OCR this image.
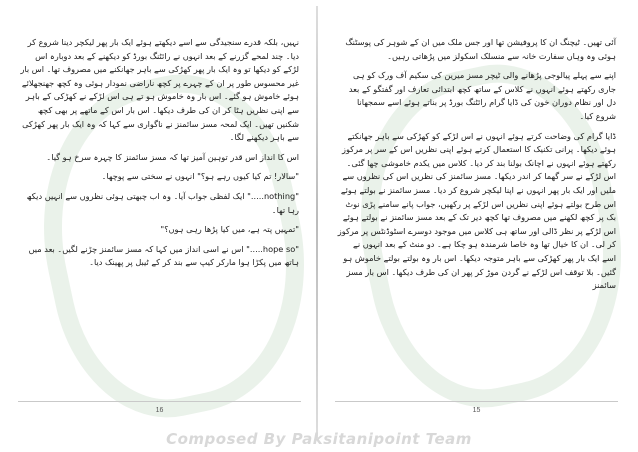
نہیں، بلکہ قدرے سنجیدگی سے اسے دیکھتے ہوئے ایک بار پھر لیکچر دینا شروع کر دیا۔ چند لمحے گزرنے کے بعد انہوں نے رائٹنگ بورڈ کو دیکھنے کے بعد دوبارہ اس لڑکے کو دیکھا تو وہ ایک بار پھر کھڑکی سے باہر جھانکنے میں مصروف تھا۔ اس بار غیر محسوس طور پر ان کے چہرے پر کچھ ناراضی نمودار ہوئی وہ کچھ جھنجھلائے ہوئے خاموش ہو گئے۔ اس بار وہ خاموش ہو تے ہی اس لڑکے نے کھڑکی کے باہر سے اپنی نظریں ہٹا کر ان کی طرف دیکھا۔ اس بار اس کے ماتھے پر بھی کچھ شکنیں تھیں۔ ایک لمحہ مسز سائمنز نے ناگواری سے کہا کہ وہ ایک بار پھر کھڑکی سے باہر دیکھنے لگا۔

اس کا انداز اس قدر توہین آمیز تھا کہ مسز سائمنز کا چہرہ سرخ ہو گیا۔

"سالار! تم کیا کیوں رہے ہو؟" انہوں نے سختی سے پوچھا۔

"nothing....." ایک لفظی جواب آیا۔ وہ اب چبھتی ہوئی نظروں سے انہیں دیکھ رہا تھا۔

"تمہیں پتہ ہے، میں کیا پڑھا رہی ہوں؟"

"hope so....." اس نے اسی انداز میں کہا کہ مسز سائمنز چڑنے لگیں۔ بعد میں ہاتھ میں پکڑا ہوا مارکر کیپ سے بند کر کے ٹیبل پر پھینک دیا۔

16

آئی تھیں۔ ٹیچنگ ان کا پروفیشن تھا اور جس ملک میں ان کے شوہر کی پوسٹنگ ہوئی وہ وہاں سفارت خانہ سے منسلک اسکولز میں پڑھاتی رہیں۔

اپنے سے پہلے پیالوجی پڑھانے والی ٹیچر مسز میرین کی سکیم آف ورک کو ہی جاری رکھتے ہوئے انہوں نے کلاس کے ساتھ کچھ ابتدائی تعارف اور گفتگو کے بعد دل اور نظام دوران خون کی ڈایا گرام رائٹنگ بورڈ پر بناتے ہوئے اسے سمجھانا شروع کیا۔

ڈایا گرام کی وضاحت کرتے ہوئے انہوں نے اس لڑکے کو کھڑکی سے باہر جھانکتے ہوئے دیکھا۔ پرانی تکنیک کا استعمال کرتے ہوئے اپنی نظریں اس کے سر پر مرکوز رکھتے ہوئے انہوں نے اچانک بولنا بند کر دیا۔ کلاس میں یکدم خاموشی چھا گئی۔ اس لڑکے نے سر گھما کر اندر دیکھا۔ مسز سائمنز کی نظریں اس کی نظروں سے ملیں اور ایک بار پھر انہوں نے اپنا لیکچر شروع کر دیا۔ مسز سائمنز نے بولتے ہوئے اس طرح بولتے ہوئے اپنی نظریں اس لڑکے پر رکھیں، جواب پانے سامنے پڑی نوٹ بک پر کچھ لکھنے میں مصروف تھا کچھ دیر تک کے بعد مسز سائمنز نے بولتے ہوئے اس لڑکے پر نظر ڈالی اور ساتھ ہی کلاس میں موجود دوسرے اسٹوڈنٹس پر مرکوز کر لی۔ ان کا خیال تھا وہ خاصا شرمندہ ہو چکا ہے۔ دو منٹ کے بعد انہوں نے اسے ایک بار پھر کھڑکی سے باہر متوجہ دیکھا۔ اس بار وہ بولتے بولتے خاموش ہو گئیں۔ بلا توقف اس لڑکے نے گردن موڑ کر پھر ان کی طرف دیکھا۔ اس بار مسز سائمنز

15
Composed By Paksitanipoint Team
